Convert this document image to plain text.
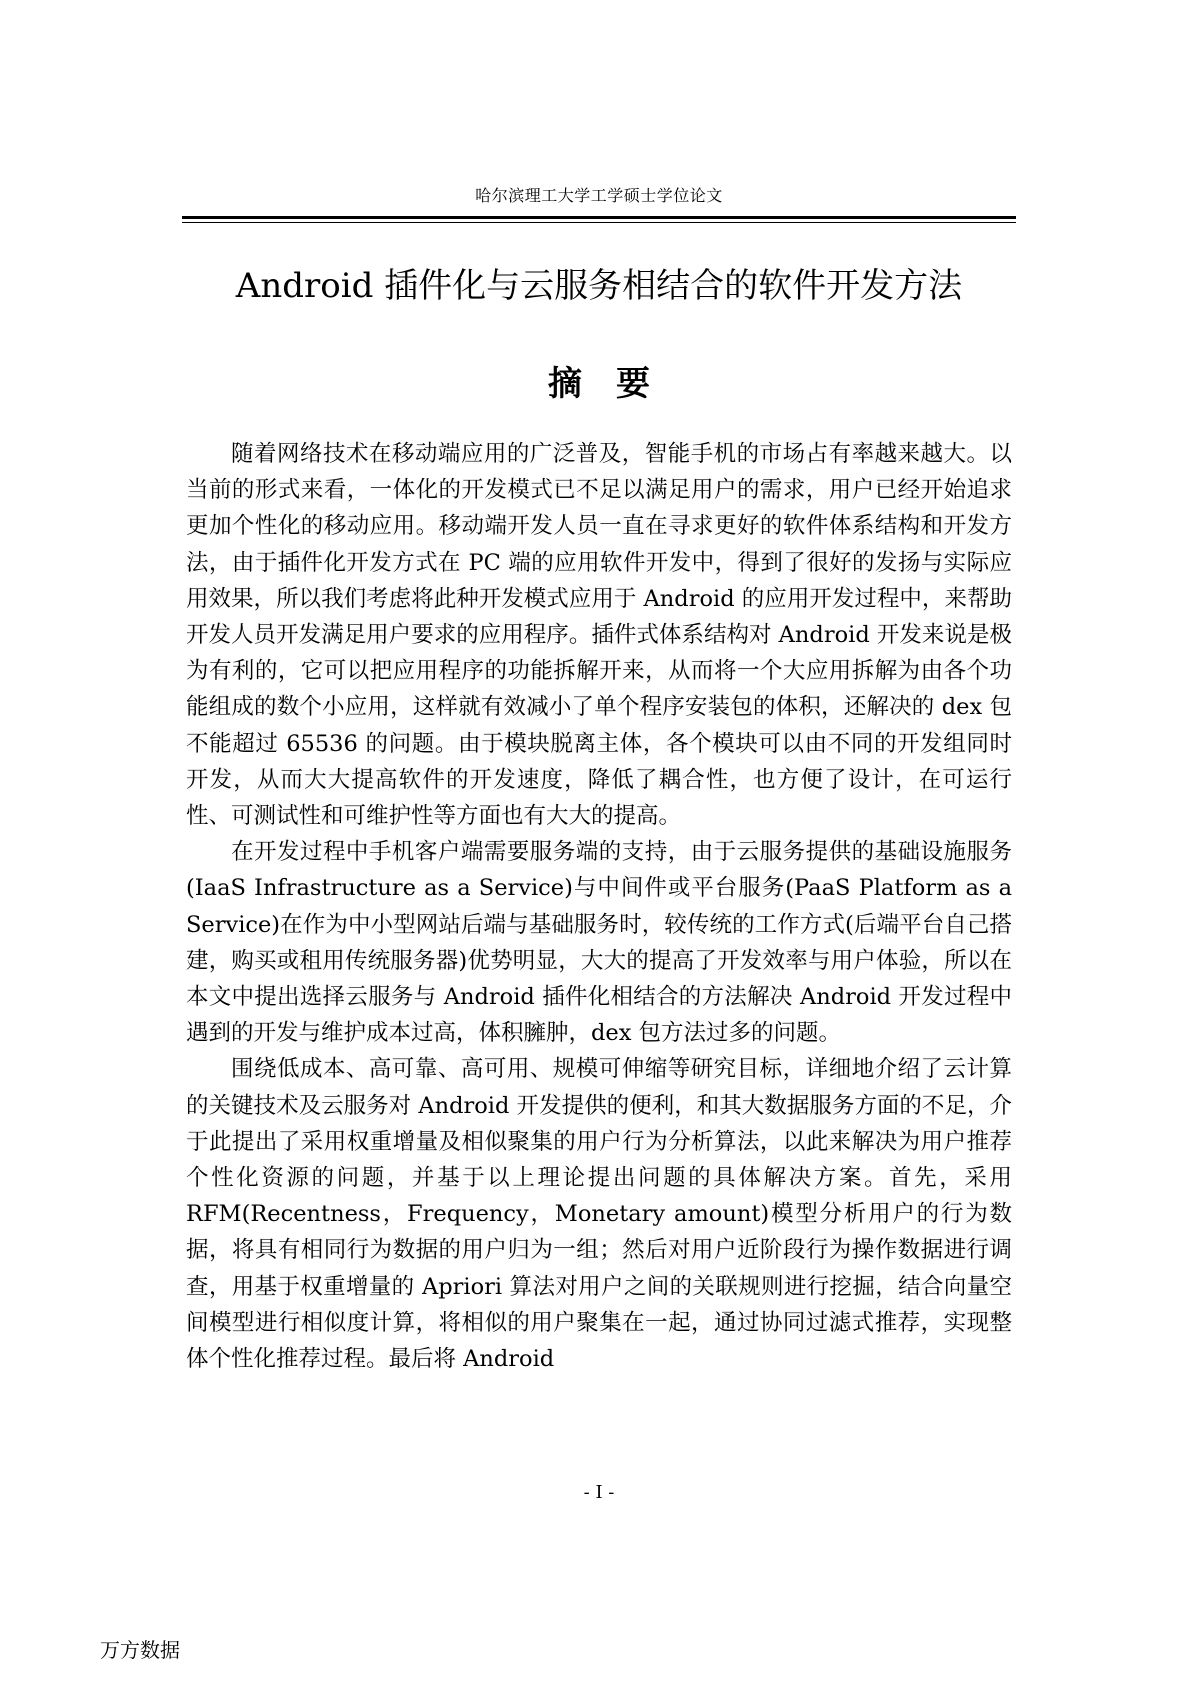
哈尔滨理工大学工学硕士学位论文
Android 插件化与云服务相结合的软件开发方法
摘要

随着网络技术在移动端应用的广泛普及，智能手机的市场占有率越来越大。以当前的形式来看，一体化的开发模式已不足以满足用户的需求，用户已经开始追求更加个性化的移动应用。移动端开发人员一直在寻求更好的软件体系结构和开发方法，由于插件化开发方式在 PC 端的应用软件开发中，得到了很好的发扬与实际应用效果，所以我们考虑将此种开发模式应用于 Android 的应用开发过程中，来帮助开发人员开发满足用户要求的应用程序。插件式体系结构对 Android 开发来说是极为有利的，它可以把应用程序的功能拆解开来，从而将一个大应用拆解为由各个功能组成的数个小应用，这样就有效减小了单个程序安装包的体积，还解决的 dex 包不能超过 65536 的问题。由于模块脱离主体，各个模块可以由不同的开发组同时开发，从而大大提高软件的开发速度，降低了耦合性，也方便了设计，在可运行性、可测试性和可维护性等方面也有大大的提高。

在开发过程中手机客户端需要服务端的支持，由于云服务提供的基础设施服务(IaaS Infrastructure as a Service)与中间件或平台服务(PaaS Platform as a Service)在作为中小型网站后端与基础服务时，较传统的工作方式(后端平台自己搭建，购买或租用传统服务器)优势明显，大大的提高了开发效率与用户体验，所以在本文中提出选择云服务与 Android 插件化相结合的方法解决 Android 开发过程中遇到的开发与维护成本过高，体积臃肿，dex 包方法过多的问题。

围绕低成本、高可靠、高可用、规模可伸缩等研究目标，详细地介绍了云计算的关键技术及云服务对 Android 开发提供的便利，和其大数据服务方面的不足，介于此提出了采用权重增量及相似聚集的用户行为分析算法，以此来解决为用户推荐个性化资源的问题，并基于以上理论提出问题的具体解决方案。首先，采用 RFM(Recentness，Frequency，Monetary amount)模型分析用户的行为数据，将具有相同行为数据的用户归为一组；然后对用户近阶段行为操作数据进行调查，用基于权重增量的 Apriori 算法对用户之间的关联规则进行挖掘，结合向量空间模型进行相似度计算，将相似的用户聚集在一起，通过协同过滤式推荐，实现整体个性化推荐过程。最后将 Android

- I -
万方数据
